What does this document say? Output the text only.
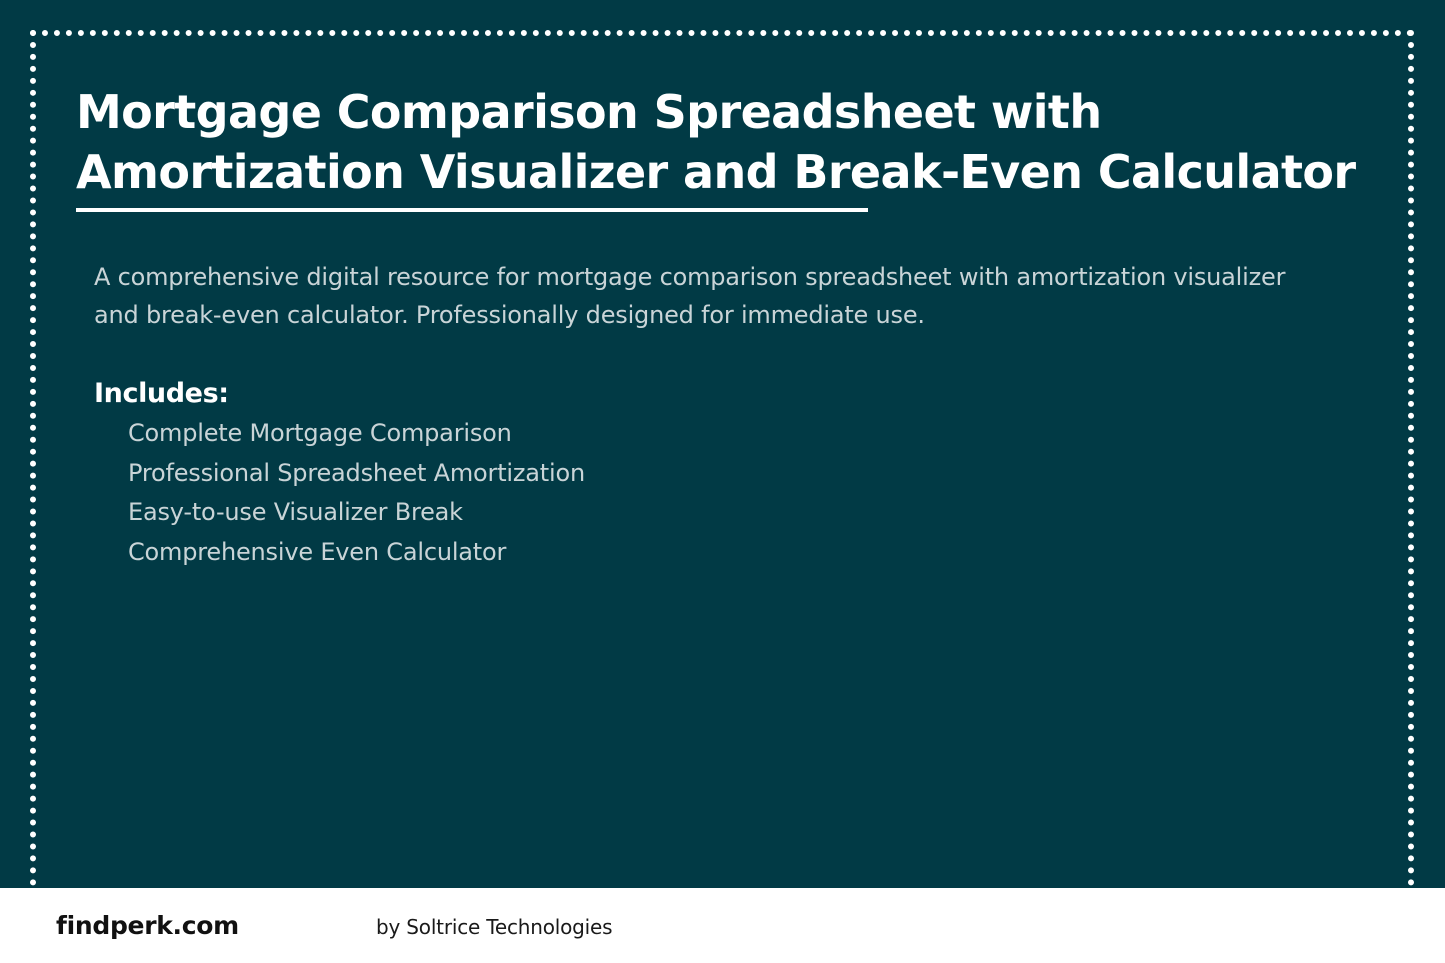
Mortgage Comparison Spreadsheet with Amortization Visualizer and Break-Even Calculator

A comprehensive digital resource for mortgage comparison spreadsheet with amortization visualizer and break-even calculator. Professionally designed for immediate use.

Includes:
Complete Mortgage Comparison
Professional Spreadsheet Amortization
Easy-to-use Visualizer Break
Comprehensive Even Calculator
findperk.com	by Soltrice Technologies
